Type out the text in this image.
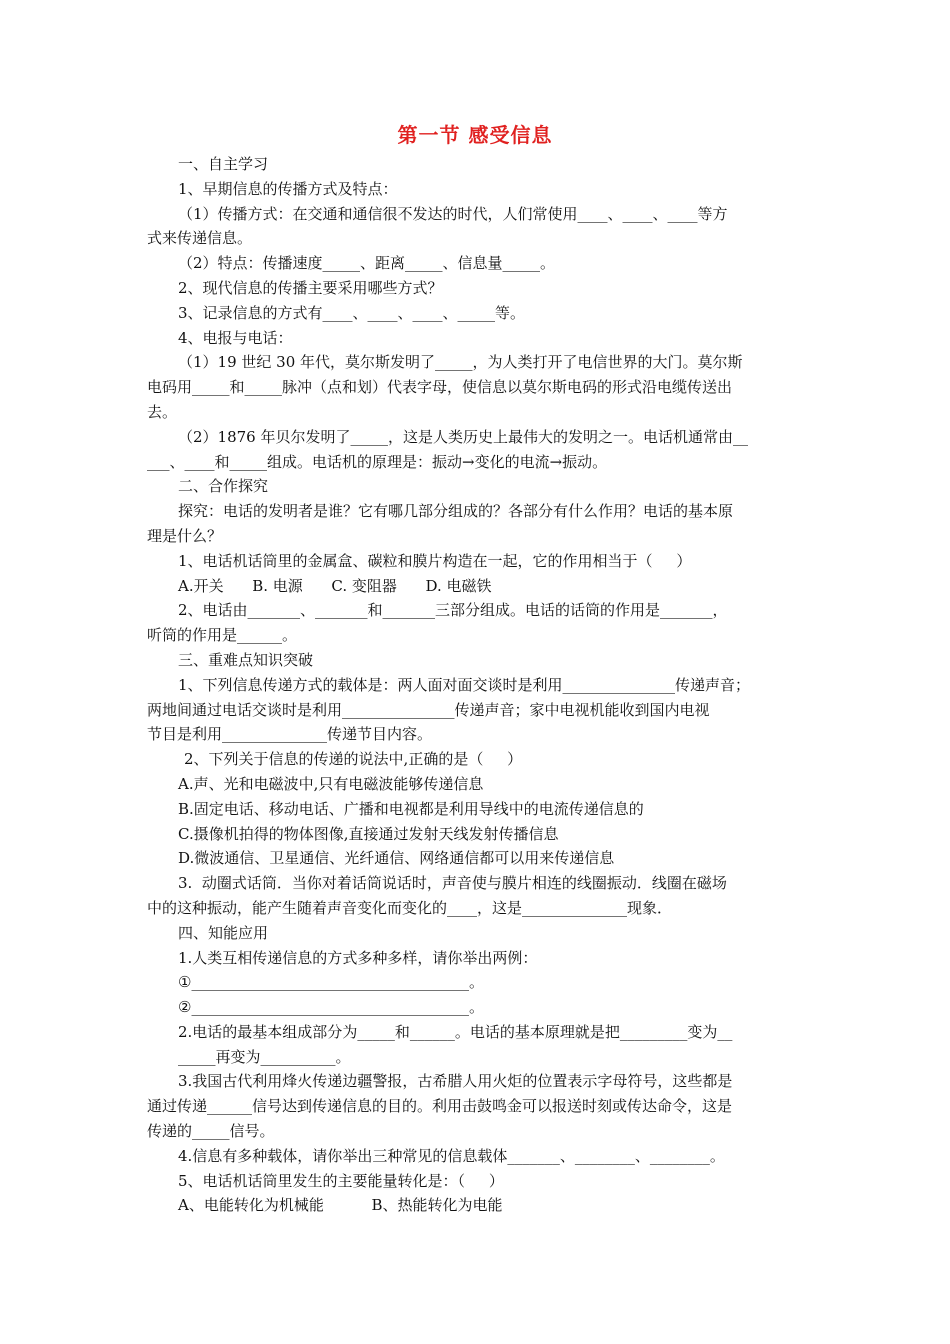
第一节 感受信息
一、自主学习
1、早期信息的传播方式及特点：
（1）传播方式：在交通和通信很不发达的时代，人们常使用____、____、____等方
式来传递信息。
（2）特点：传播速度_____、距离_____、信息量_____。
2、现代信息的传播主要采用哪些方式？
3、记录信息的方式有____、____、____、_____等。
4、电报与电话：
（1）19 世纪 30 年代，莫尔斯发明了_____，为人类打开了电信世界的大门。莫尔斯
电码用_____和_____脉冲（点和划）代表字母，使信息以莫尔斯电码的形式沿电缆传送出
去。
（2）1876 年贝尔发明了_____，这是人类历史上最伟大的发明之一。电话机通常由__
___、____和_____组成。电话机的原理是：振动→变化的电流→振动。
二、合作探究
探究：电话的发明者是谁？它有哪几部分组成的？各部分有什么作用？电话的基本原
理是什么？
1、电话机话筒里的金属盒、碳粒和膜片构造在一起，它的作用相当于（     ）
A.开关      B. 电源      C. 变阻器      D. 电磁铁
2、电话由_______、_______和_______三部分组成。电话的话筒的作用是_______，
听筒的作用是______。
三、重难点知识突破
1、下列信息传递方式的载体是：两人面对面交谈时是利用_______________传递声音；
两地间通过电话交谈时是利用_______________传递声音；家中电视机能收到国内电视
节目是利用______________传递节目内容。
2、下列关于信息的传递的说法中,正确的是（     ）
A.声、光和电磁波中,只有电磁波能够传递信息
B.固定电话、移动电话、广播和电视都是利用导线中的电流传递信息的
C.摄像机拍得的物体图像,直接通过发射天线发射传播信息
D.微波通信、卫星通信、光纤通信、网络通信都可以用来传递信息
3.  动圈式话筒．当你对着话筒说话时，声音使与膜片相连的线圈振动．线圈在磁场
中的这种振动，能产生随着声音变化而变化的____，这是______________现象．
四、知能应用
1.人类互相传递信息的方式多种多样，请你举出两例：
①_____________________________________。
②_____________________________________。
2.电话的最基本组成部分为_____和______。电话的基本原理就是把_________变为__
_____再变为__________。
3.我国古代利用烽火传递边疆警报，古希腊人用火炬的位置表示字母符号，这些都是
通过传递______信号达到传递信息的目的。利用击鼓鸣金可以报送时刻或传达命令，这是
传递的_____信号。
4.信息有多种载体，请你举出三种常见的信息载体_______、________、________。
5、电话机话筒里发生的主要能量转化是：（     ）
A、电能转化为机械能          B、热能转化为电能
